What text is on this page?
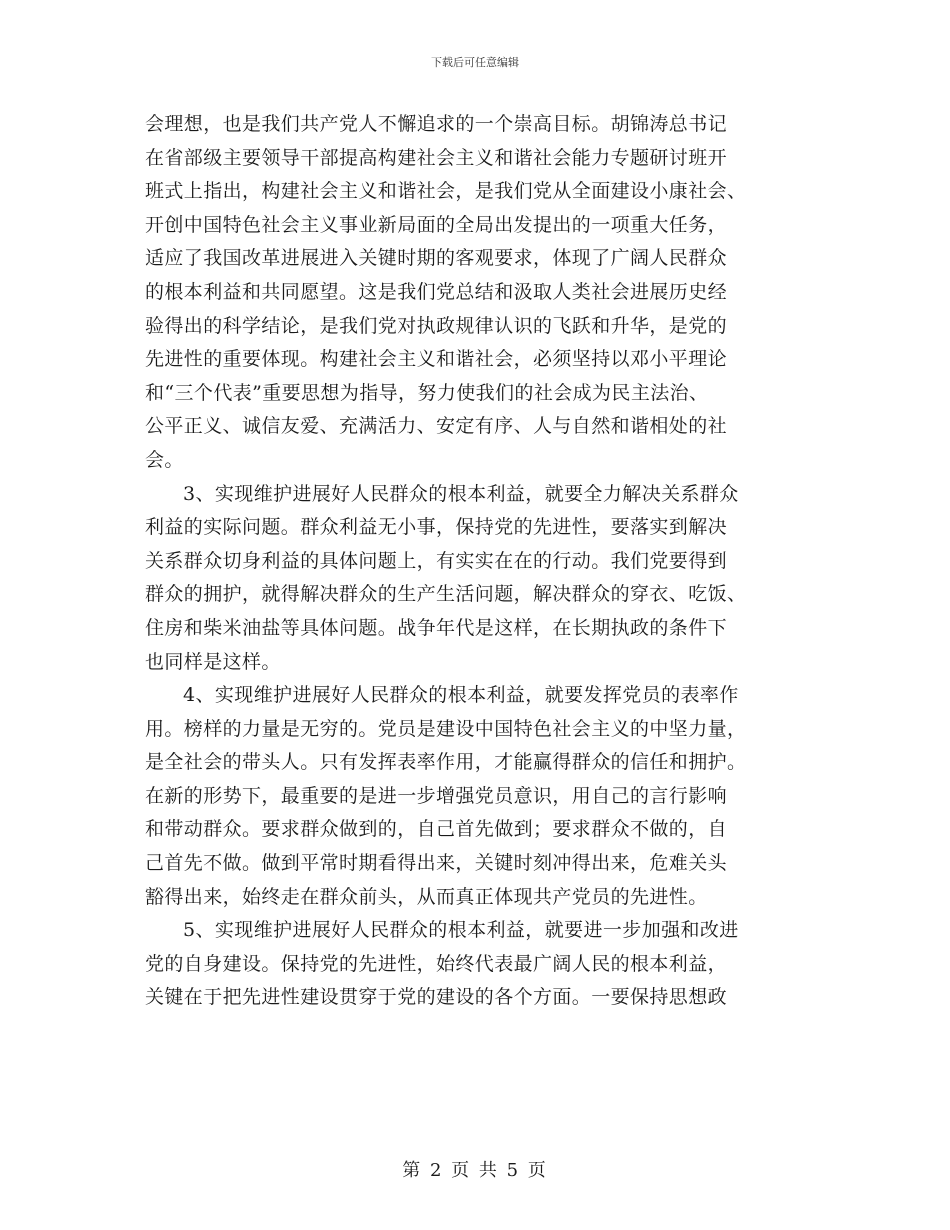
下载后可任意编辑

会理想，也是我们共产党人不懈追求的一个崇高目标。胡锦涛总书记
在省部级主要领导干部提高构建社会主义和谐社会能力专题研讨班开
班式上指出，构建社会主义和谐社会，是我们党从全面建设小康社会、
开创中国特色社会主义事业新局面的全局出发提出的一项重大任务，
适应了我国改革进展进入关键时期的客观要求，体现了广阔人民群众
的根本利益和共同愿望。这是我们党总结和汲取人类社会进展历史经
验得出的科学结论，是我们党对执政规律认识的飞跃和升华，是党的
先进性的重要体现。构建社会主义和谐社会，必须坚持以邓小平理论
和“三个代表”重要思想为指导，努力使我们的社会成为民主法治、
公平正义、诚信友爱、充满活力、安定有序、人与自然和谐相处的社
会。

3、实现维护进展好人民群众的根本利益，就要全力解决关系群众
利益的实际问题。群众利益无小事，保持党的先进性，要落实到解决
关系群众切身利益的具体问题上，有实实在在的行动。我们党要得到
群众的拥护，就得解决群众的生产生活问题，解决群众的穿衣、吃饭、
住房和柴米油盐等具体问题。战争年代是这样，在长期执政的条件下
也同样是这样。

4、实现维护进展好人民群众的根本利益，就要发挥党员的表率作
用。榜样的力量是无穷的。党员是建设中国特色社会主义的中坚力量，
是全社会的带头人。只有发挥表率作用，才能赢得群众的信任和拥护。
在新的形势下，最重要的是进一步增强党员意识，用自己的言行影响
和带动群众。要求群众做到的，自己首先做到；要求群众不做的，自
己首先不做。做到平常时期看得出来，关键时刻冲得出来，危难关头
豁得出来，始终走在群众前头，从而真正体现共产党员的先进性。

5、实现维护进展好人民群众的根本利益，就要进一步加强和改进
党的自身建设。保持党的先进性，始终代表最广阔人民的根本利益，
关键在于把先进性建设贯穿于党的建设的各个方面。一要保持思想政

第 2 页 共 5 页
